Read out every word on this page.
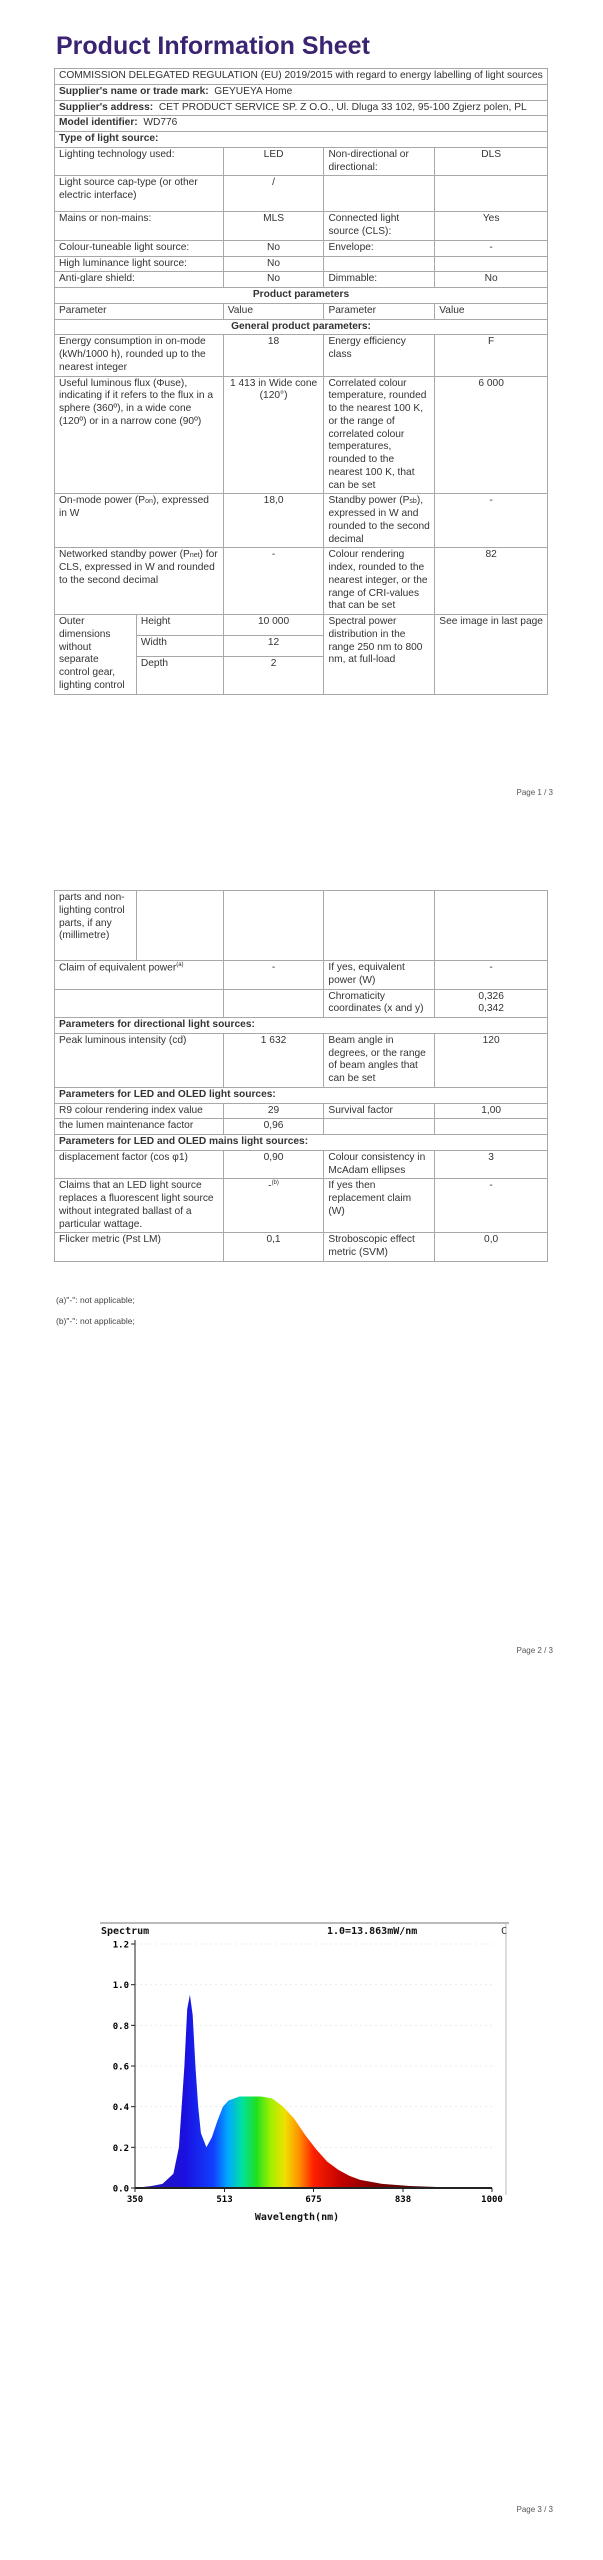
Product Information Sheet
COMMISSION DELEGATED REGULATION (EU) 2019/2015 with regard to energy labelling of light sources				
Supplier's name or trade mark: GEYUEYA Home				
Supplier's address: CET PRODUCT SERVICE SP. Z O.O., Ul. Dluga 33 102, 95-100 Zgierz polen, PL				
Model identifier: WD776				
Type of light source:				
Lighting technology used:		LED	Non-directional or directional:	DLS
Light source cap-type (or other electric interface)		/		
Mains or non-mains:		MLS	Connected light source (CLS):	Yes
Colour-tuneable light source:		No	Envelope:	-
High luminance light source:		No		
Anti-glare shield:		No	Dimmable:	No
Product parameters				
Parameter		Value	Parameter	Value
General product parameters:				
Energy consumption in on-mode (kWh/1000 h), rounded up to the nearest integer		18	Energy efficiency class	F
Useful luminous flux (Φuse), indicating if it refers to the flux in a sphere (360º), in a wide cone (120º) or in a narrow cone (90º)		1 413 in Wide cone (120°)	Correlated colour temperature, rounded to the nearest 100 K, or the range of correlated colour temperatures, rounded to the nearest 100 K, that can be set	6 000
On-mode power (Pon), expressed in W		18,0	Standby power (Psb), expressed in W and rounded to the second decimal	-
Networked standby power (Pnet) for CLS, expressed in W and rounded to the second decimal		-	Colour rendering index, rounded to the nearest integer, or the range of CRI-values that can be set	82
Outer dimensions without separate control gear, lighting control	Height	10 000	Spectral power distribution in the range 250 nm to 800 nm, at full-load	See image in last page
	Width	12		
	Depth	2		
Page 1 / 3
parts and non-lighting control parts, if any (millimetre)				
Claim of equivalent power$^{(a)}$		-	If yes, equivalent power (W)	-
			Chromaticity coordinates (x and y)	0,326
0,342
Parameters for directional light sources:				
Peak luminous intensity (cd)		1 632	Beam angle in degrees, or the range of beam angles that can be set	120
Parameters for LED and OLED light sources:				
R9 colour rendering index value		29	Survival factor	1,00
the lumen maintenance factor		0,96		
Parameters for LED and OLED mains light sources:				
displacement factor (cos φ1)		0,90	Colour consistency in McAdam ellipses	3
Claims that an LED light source replaces a fluorescent light source without integrated ballast of a particular wattage.		-$^{(b)}$	If yes then replacement claim (W)	-
Flicker metric (Pst LM)		0,1	Stroboscopic effect metric (SVM)	0,0
(a)"-": not applicable;
(b)"-": not applicable;
Page 2 / 3
Spectrum	1.0=13.863mW/nm	C
0.0
0.2
0.4
0.6
0.8
1.0
1.2
350	513	675	838	1000
Wavelength(nm)
Page 3 / 3
